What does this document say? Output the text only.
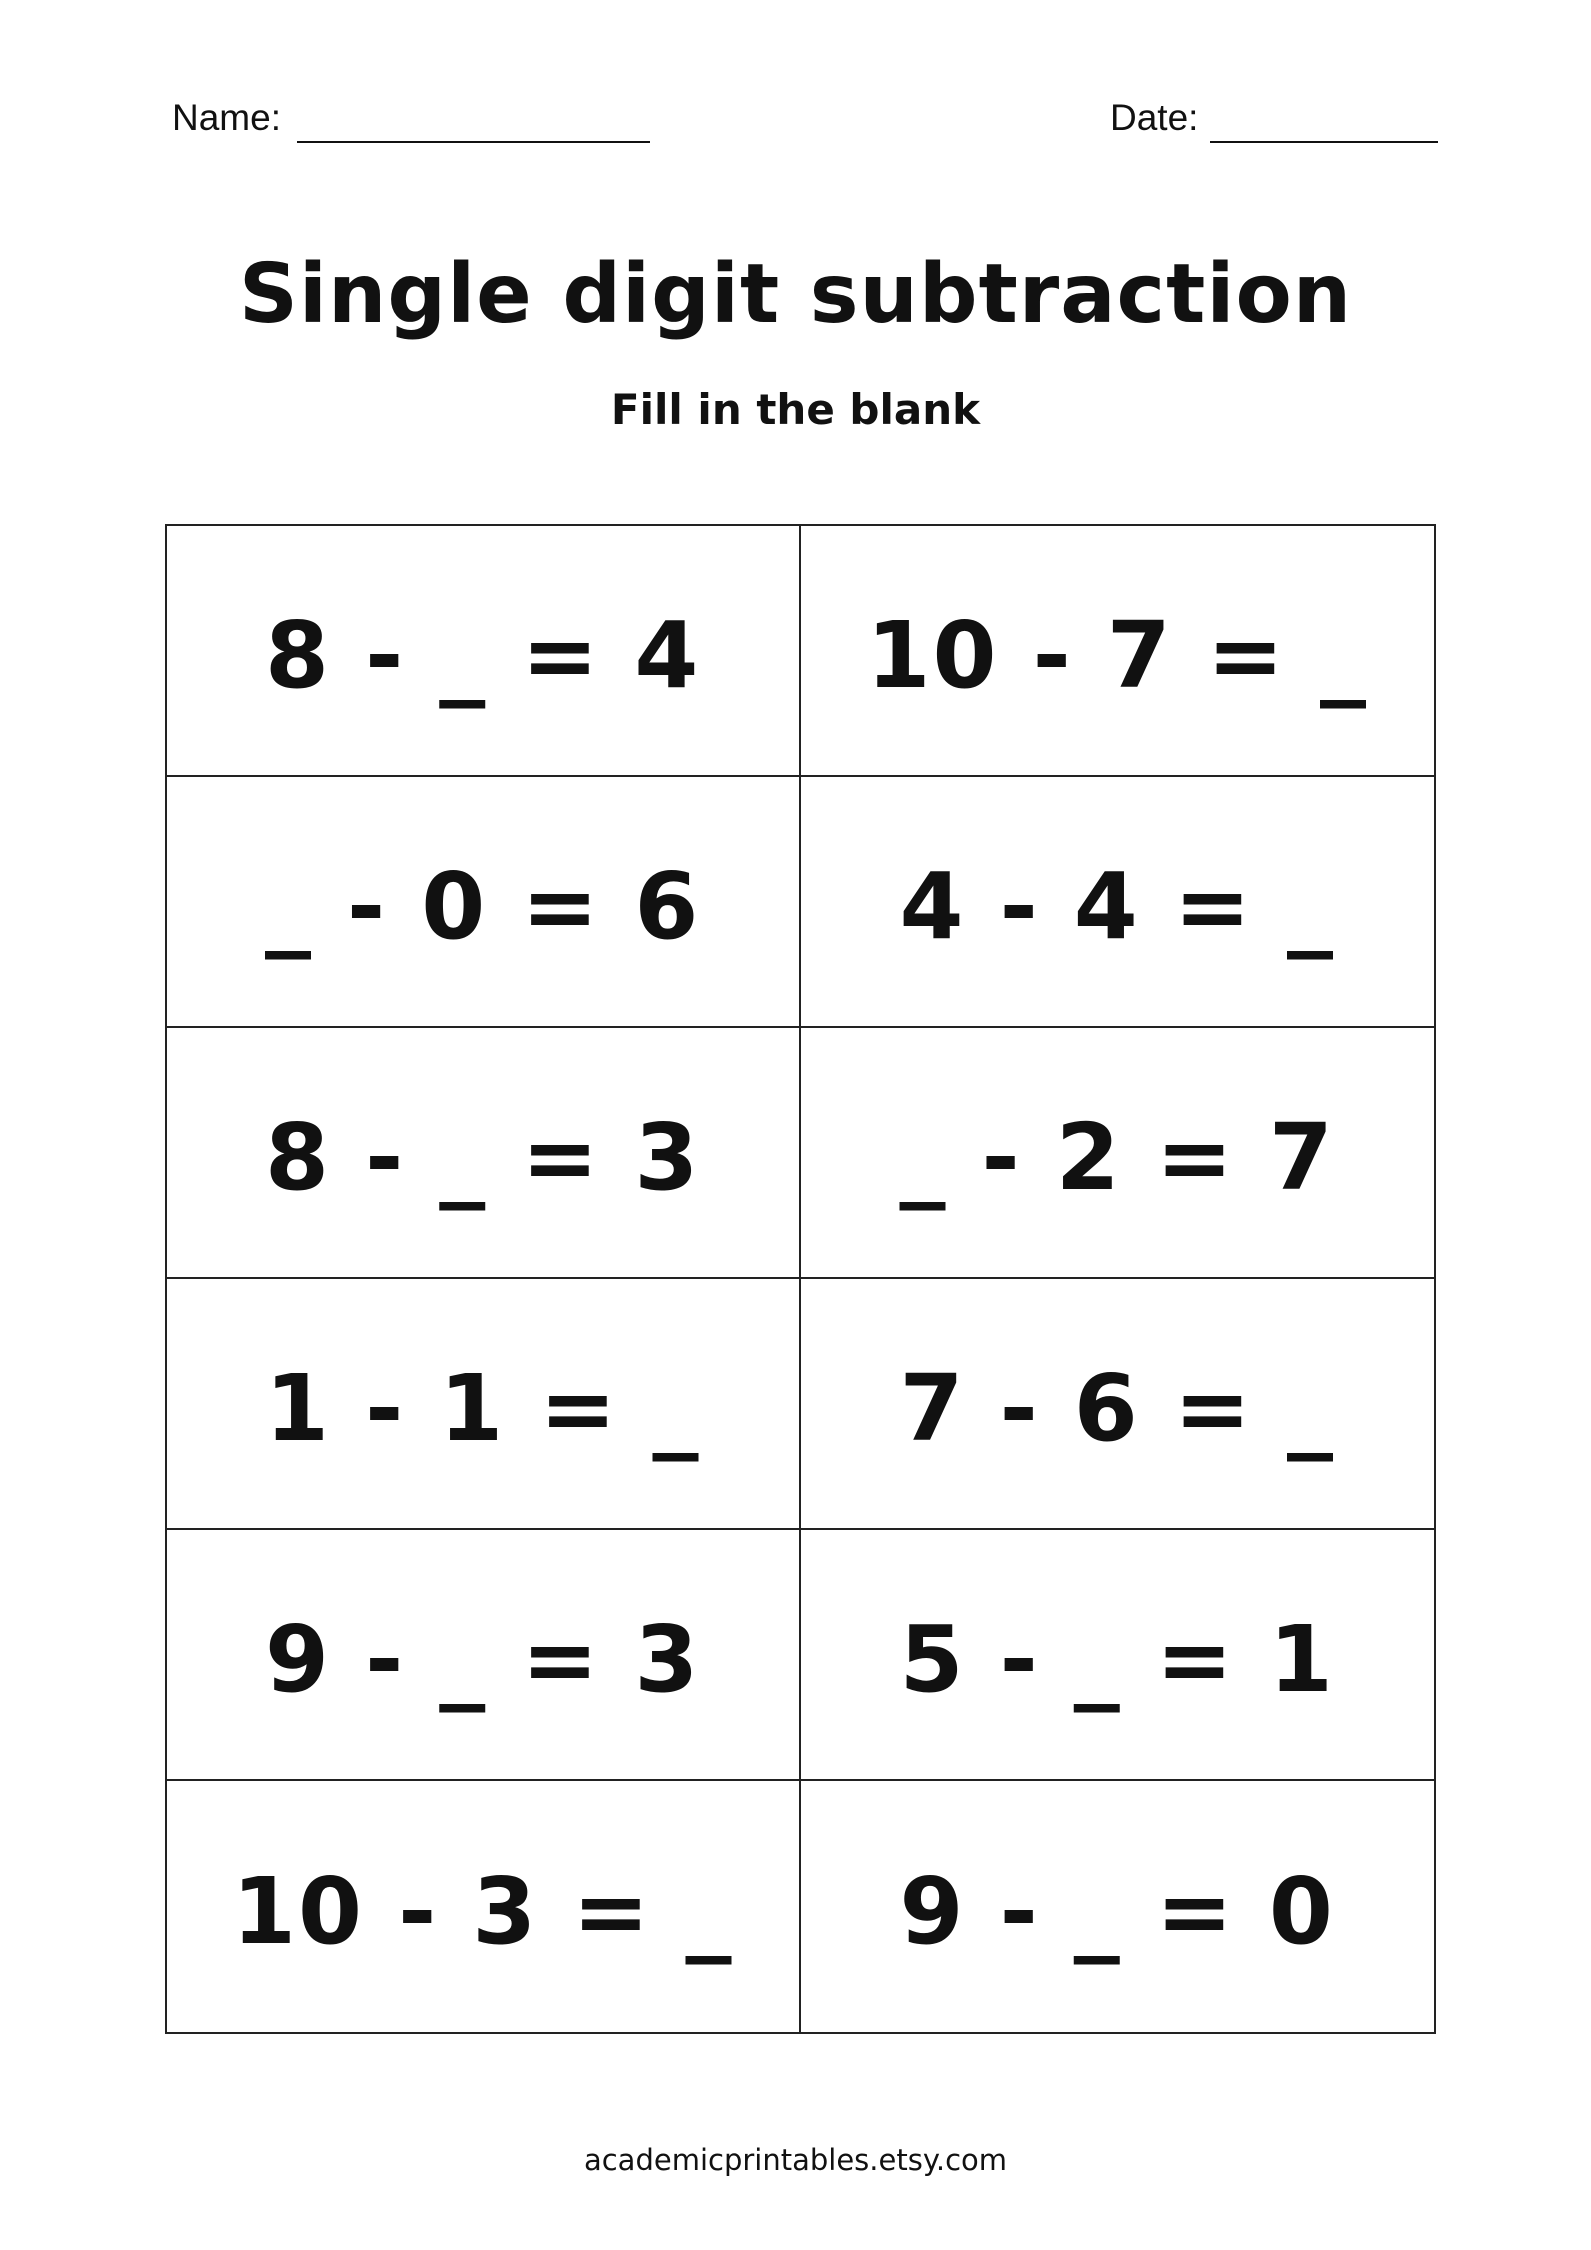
Name:	Date:
Single digit subtraction
Fill in the blank
8 - _ = 4 10 - 7 = _
_ - 0 = 6 4 - 4 = _
8 - _ = 3 _ - 2 = 7
1 - 1 = _ 7 - 6 = _
9 - _ = 3 5 - _ = 1
10 - 3 = _ 9 - _ = 0
academicprintables.etsy.com
